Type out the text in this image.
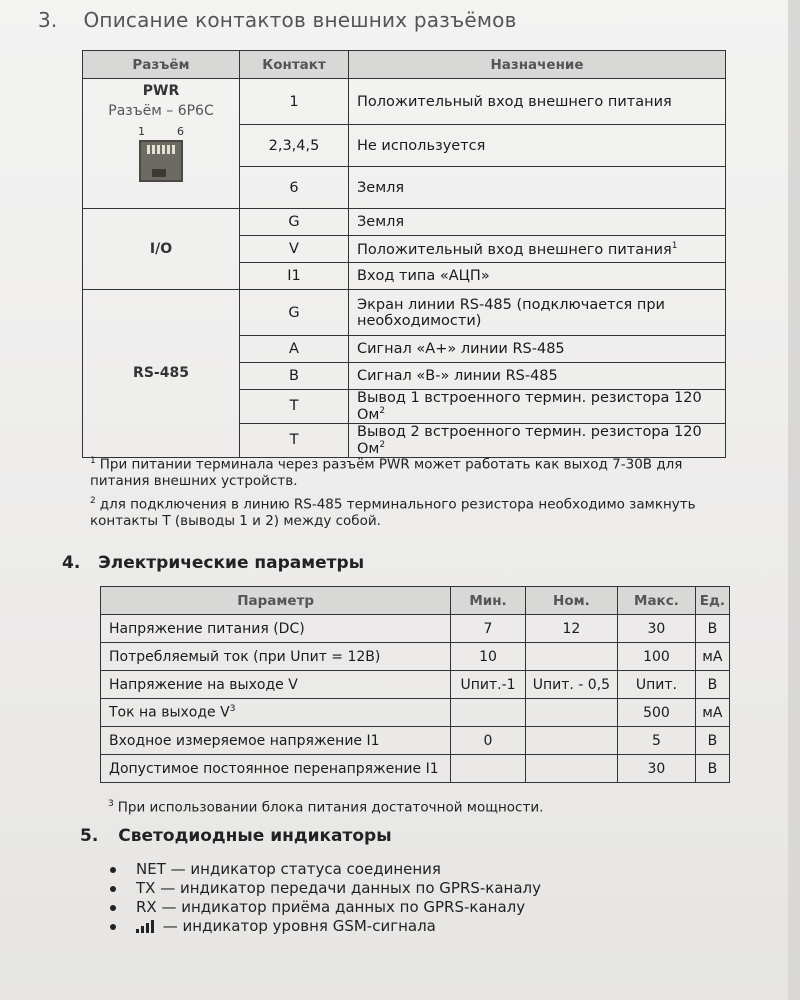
3. Описание контактов внешних разъёмов
Разъём	Контакт	Назначение

PWR
Разъём – 6Р6С
1 6	1	Положительный вход внешнего питания
	2,3,4,5	Не используется
	6	Земля
I/O	G	Земля
	V	Положительный вход внешнего питания$^1$
	I1	Вход типа «АЦП»
RS-485	G	Экран линии RS-485 (подключается при необходимости)
	A	Сигнал «А+» линии RS-485
	B	Сигнал «В-» линии RS-485
	T	Вывод 1 встроенного термин. резистора 120 $Ом^2$
	T	Вывод 2 встроенного термин. резистора 120 $Ом^2$
$^1$ При питании терминала через разъём PWR может работать как выход 7-30В для питания внешних устройств.
$^2$ для подключения в линию RS-485 терминального резистора необходимо замкнуть контакты Т (выводы 1 и 2) между собой.
4. Электрические параметры
Параметр	Мин.	Ном.	Макс.	Ед.
Напряжение питания (DC)	7	12	30	В
Потребляемый ток (при Uпит = 12В)	10		100	мА
Напряжение на выходе V	Uпит.-1	Uпит. - 0,5	Uпит.	В
Ток на выходе $V^3$			500	мА
Входное измеряемое напряжение I1	0		5	В
Допустимое постоянное перенапряжение I1			30	В
$^3$ При использовании блока питания достаточной мощности.
5. Светодиодные индикаторы
NET
— индикатор статуса соединения
TX
— индикатор передачи данных по GPRS-каналу
RX
— индикатор приёма данных по GPRS-каналу

— индикатор уровня GSM-сигнала
